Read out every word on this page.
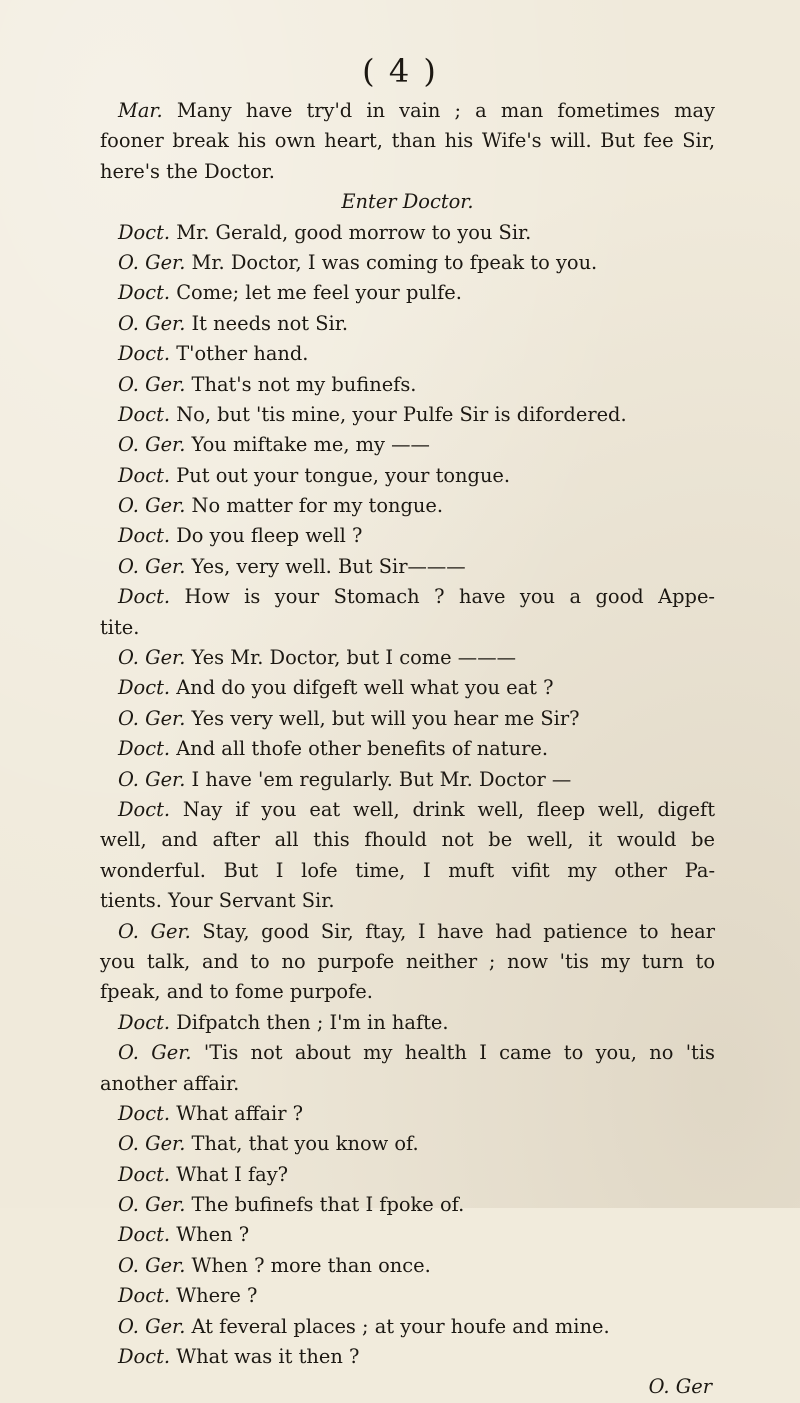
( 4 )
Mar. Many have try'd in vain ; a man fometimes may
fooner break his own heart, than his Wife's will. But fee Sir,
here's the Doctor.
Enter Doctor.
Doct. Mr. Gerald, good morrow to you Sir.
O. Ger. Mr. Doctor, I was coming to fpeak to you.
Doct. Come; let me feel your pulfe.
O. Ger. It needs not Sir.
Doct. T'other hand.
O. Ger. That's not my bufinefs.
Doct. No, but 'tis mine, your Pulfe Sir is difordered.
O. Ger. You miftake me, my ——
Doct. Put out your tongue, your tongue.
O. Ger. No matter for my tongue.
Doct. Do you fleep well ?
O. Ger. Yes, very well. But Sir———
Doct. How is your Stomach ? have you a good Appe-
tite.
O. Ger. Yes Mr. Doctor, but I come ———
Doct. And do you difgeft well what you eat ?
O. Ger. Yes very well, but will you hear me Sir?
Doct. And all thofe other benefits of nature.
O. Ger. I have 'em regularly. But Mr. Doctor —
Doct. Nay if you eat well, drink well, fleep well, digeft
well, and after all this fhould not be well, it would be
wonderful. But I lofe time, I muft vifit my other Pa-
tients. Your Servant Sir.
O. Ger. Stay, good Sir, ftay, I have had patience to hear
you talk, and to no purpofe neither ; now 'tis my turn to
fpeak, and to fome purpofe.
Doct. Difpatch then ; I'm in hafte.
O. Ger. 'Tis not about my health I came to you, no 'tis
another affair.
Doct. What affair ?
O. Ger. That, that you know of.
Doct. What I fay?
O. Ger. The bufinefs that I fpoke of.
Doct. When ?
O. Ger. When ? more than once.
Doct. Where ?
O. Ger. At feveral places ; at your houfe and mine.
Doct. What was it then ?
O. Ger
